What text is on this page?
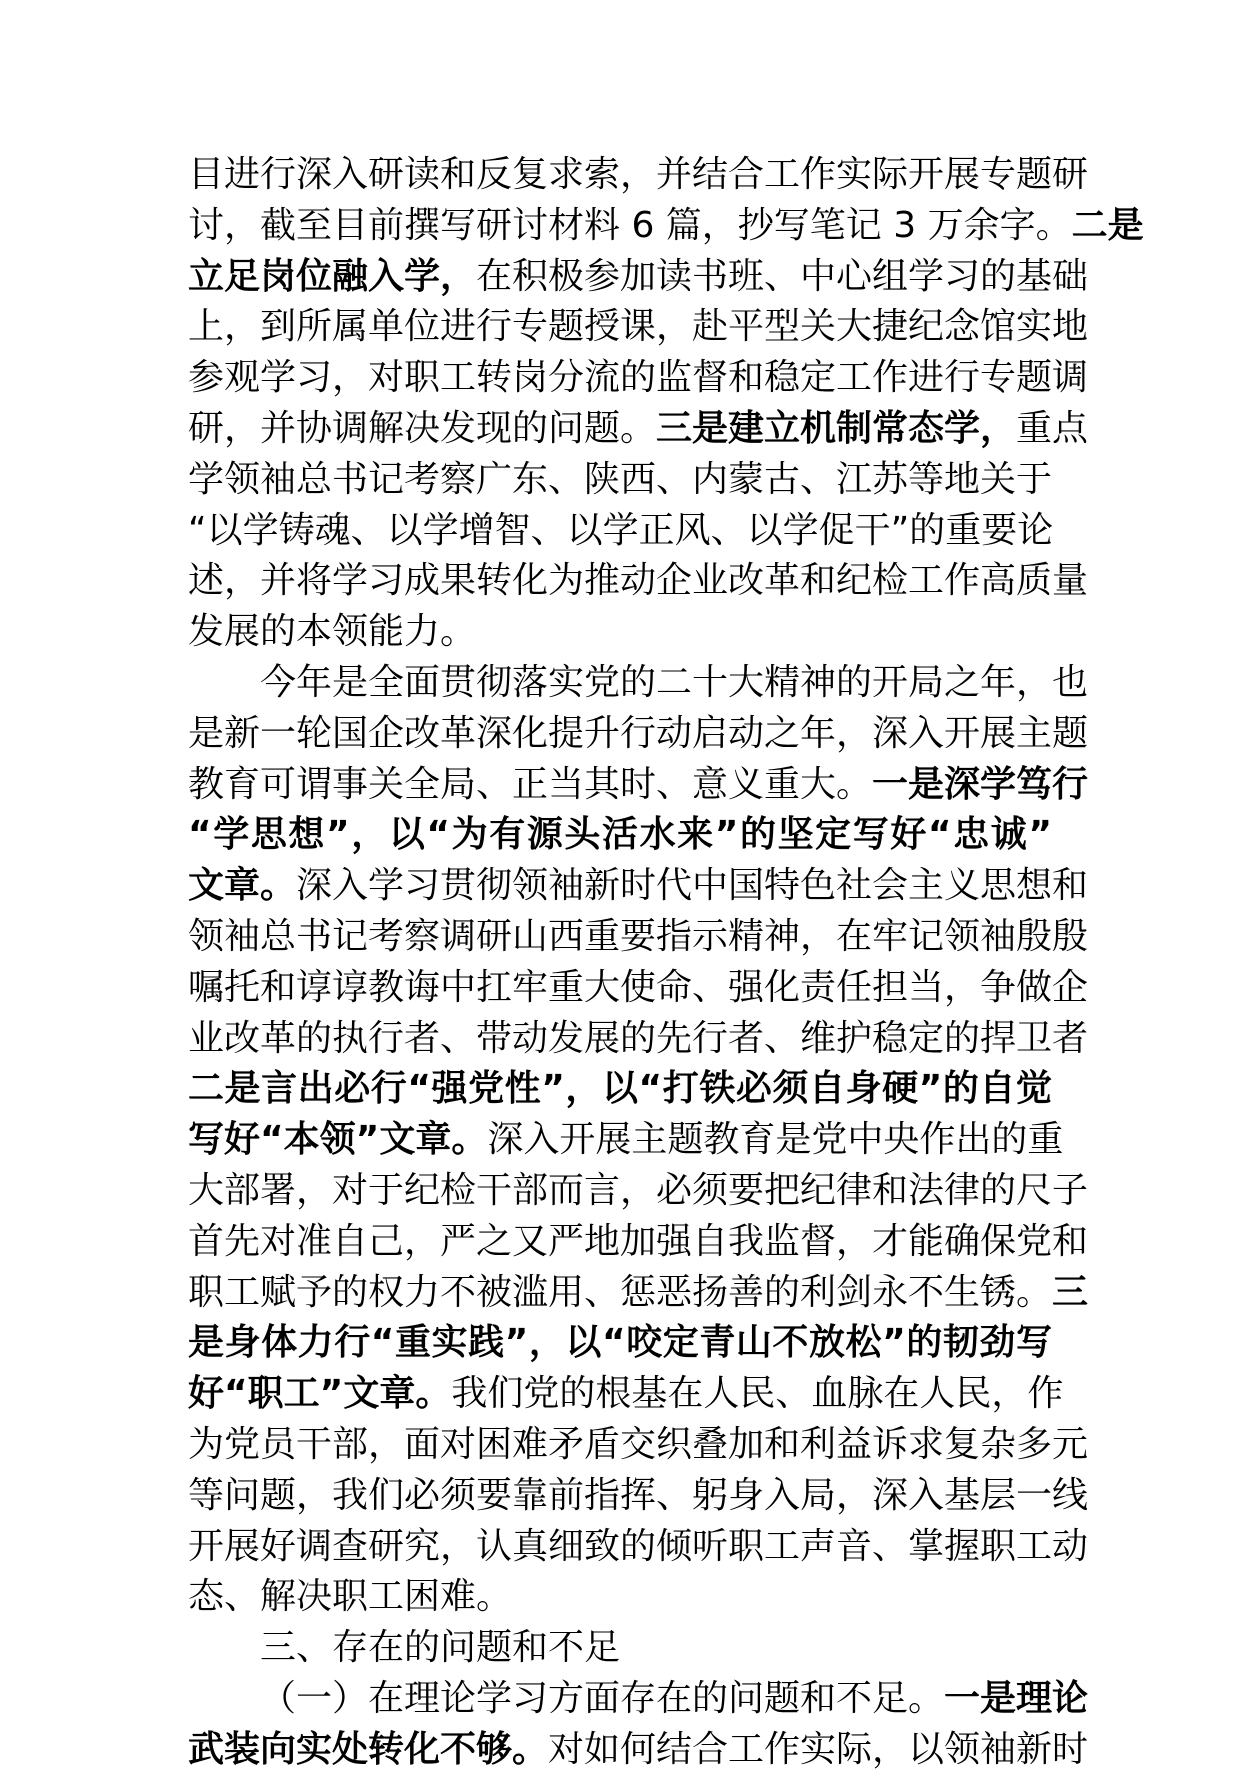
目进行深入研读和反复求索，并结合工作实际开展专题研
讨，截至目前撰写研讨材料 6 篇，抄写笔记 3 万余字。二是
立足岗位融入学，在积极参加读书班、中心组学习的基础
上，到所属单位进行专题授课，赴平型关大捷纪念馆实地
参观学习，对职工转岗分流的监督和稳定工作进行专题调
研，并协调解决发现的问题。三是建立机制常态学，重点
学领袖总书记考察广东、陕西、内蒙古、江苏等地关于
“以学铸魂、以学增智、以学正风、以学促干”的重要论
述，并将学习成果转化为推动企业改革和纪检工作高质量
发展的本领能力。
今年是全面贯彻落实党的二十大精神的开局之年，也
是新一轮国企改革深化提升行动启动之年，深入开展主题
教育可谓事关全局、正当其时、意义重大。一是深学笃行
“学思想”，以“为有源头活水来”的坚定写好“忠诚”
文章。深入学习贯彻领袖新时代中国特色社会主义思想和
领袖总书记考察调研山西重要指示精神，在牢记领袖殷殷
嘱托和谆谆教诲中扛牢重大使命、强化责任担当，争做企
业改革的执行者、带动发展的先行者、维护稳定的捍卫者
二是言出必行“强党性”，以“打铁必须自身硬”的自觉
写好“本领”文章。深入开展主题教育是党中央作出的重
大部署，对于纪检干部而言，必须要把纪律和法律的尺子
首先对准自己，严之又严地加强自我监督，才能确保党和
职工赋予的权力不被滥用、惩恶扬善的利剑永不生锈。三
是身体力行“重实践”，以“咬定青山不放松”的韧劲写
好“职工”文章。我们党的根基在人民、血脉在人民，作
为党员干部，面对困难矛盾交织叠加和利益诉求复杂多元
等问题，我们必须要靠前指挥、躬身入局，深入基层一线
开展好调查研究，认真细致的倾听职工声音、掌握职工动
态、解决职工困难。
三、存在的问题和不足
（一）在理论学习方面存在的问题和不足。一是理论
武装向实处转化不够。对如何结合工作实际，以领袖新时
